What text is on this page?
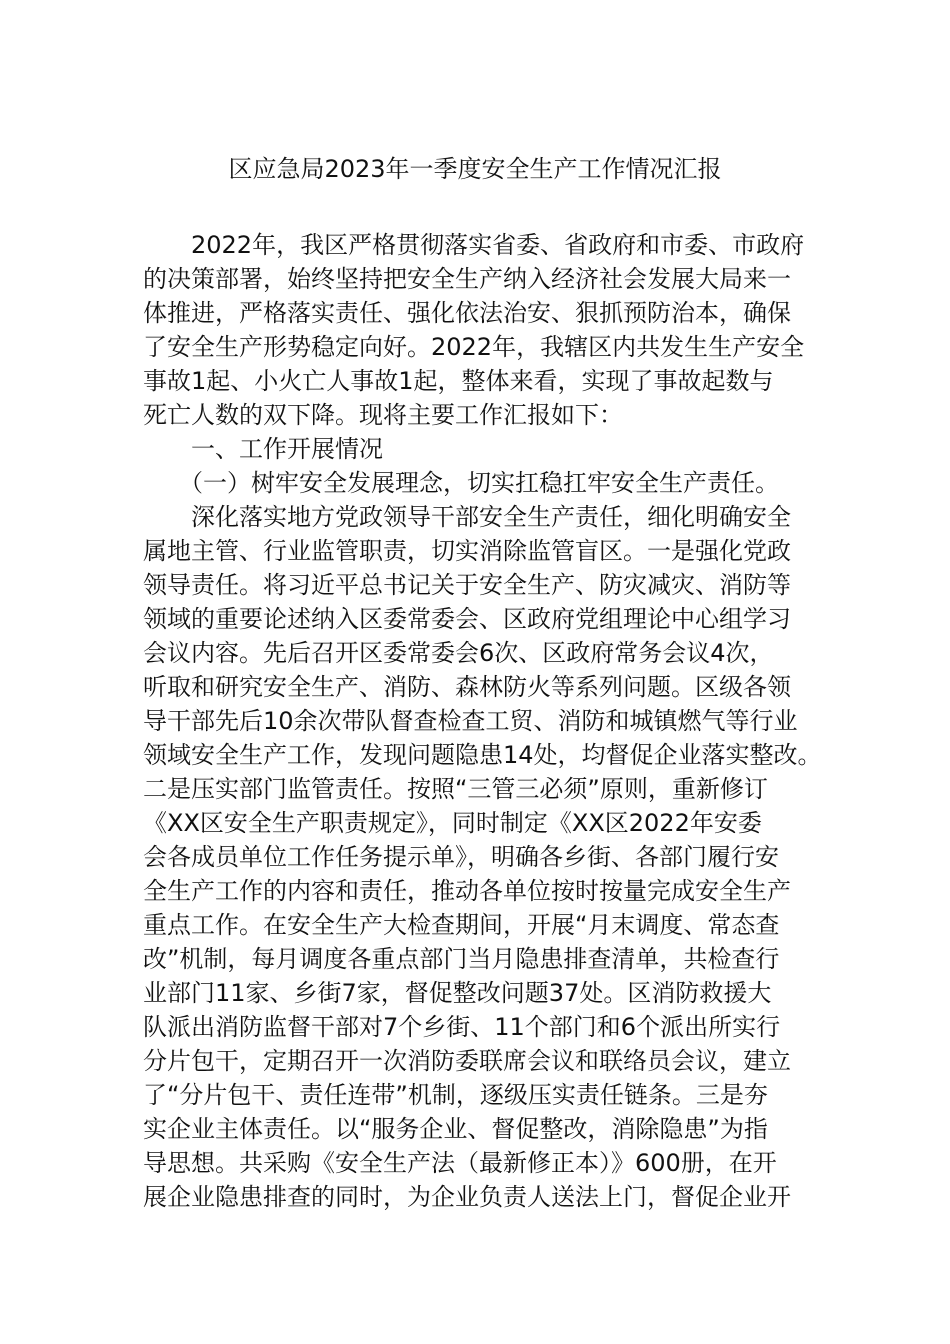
区应急局2023年一季度安全生产工作情况汇报
　　2022年，我区严格贯彻落实省委、省政府和市委、市政府
的决策部署，始终坚持把安全生产纳入经济社会发展大局来一
体推进，严格落实责任、强化依法治安、狠抓预防治本，确保
了安全生产形势稳定向好。2022年，我辖区内共发生生产安全
事故1起、小火亡人事故1起，整体来看，实现了事故起数与
死亡人数的双下降。现将主要工作汇报如下：
　　一、工作开展情况
　　（一）树牢安全发展理念，切实扛稳扛牢安全生产责任。
　　深化落实地方党政领导干部安全生产责任，细化明确安全
属地主管、行业监管职责，切实消除监管盲区。一是强化党政
领导责任。将习近平总书记关于安全生产、防灾减灾、消防等
领域的重要论述纳入区委常委会、区政府党组理论中心组学习
会议内容。先后召开区委常委会6次、区政府常务会议4次，
听取和研究安全生产、消防、森林防火等系列问题。区级各领
导干部先后10余次带队督查检查工贸、消防和城镇燃气等行业
领域安全生产工作，发现问题隐患14处，均督促企业落实整改。
二是压实部门监管责任。按照“三管三必须”原则，重新修订
《XX区安全生产职责规定》，同时制定《XX区2022年安委
会各成员单位工作任务提示单》，明确各乡街、各部门履行安
全生产工作的内容和责任，推动各单位按时按量完成安全生产
重点工作。在安全生产大检查期间，开展“月末调度、常态查
改”机制，每月调度各重点部门当月隐患排查清单，共检查行
业部门11家、乡街7家，督促整改问题37处。区消防救援大
队派出消防监督干部对7个乡街、11个部门和6个派出所实行
分片包干，定期召开一次消防委联席会议和联络员会议，建立
了“分片包干、责任连带”机制，逐级压实责任链条。三是夯
实企业主体责任。以“服务企业、督促整改，消除隐患”为指
导思想。共采购《安全生产法（最新修正本）》600册，在开
展企业隐患排查的同时，为企业负责人送法上门，督促企业开
